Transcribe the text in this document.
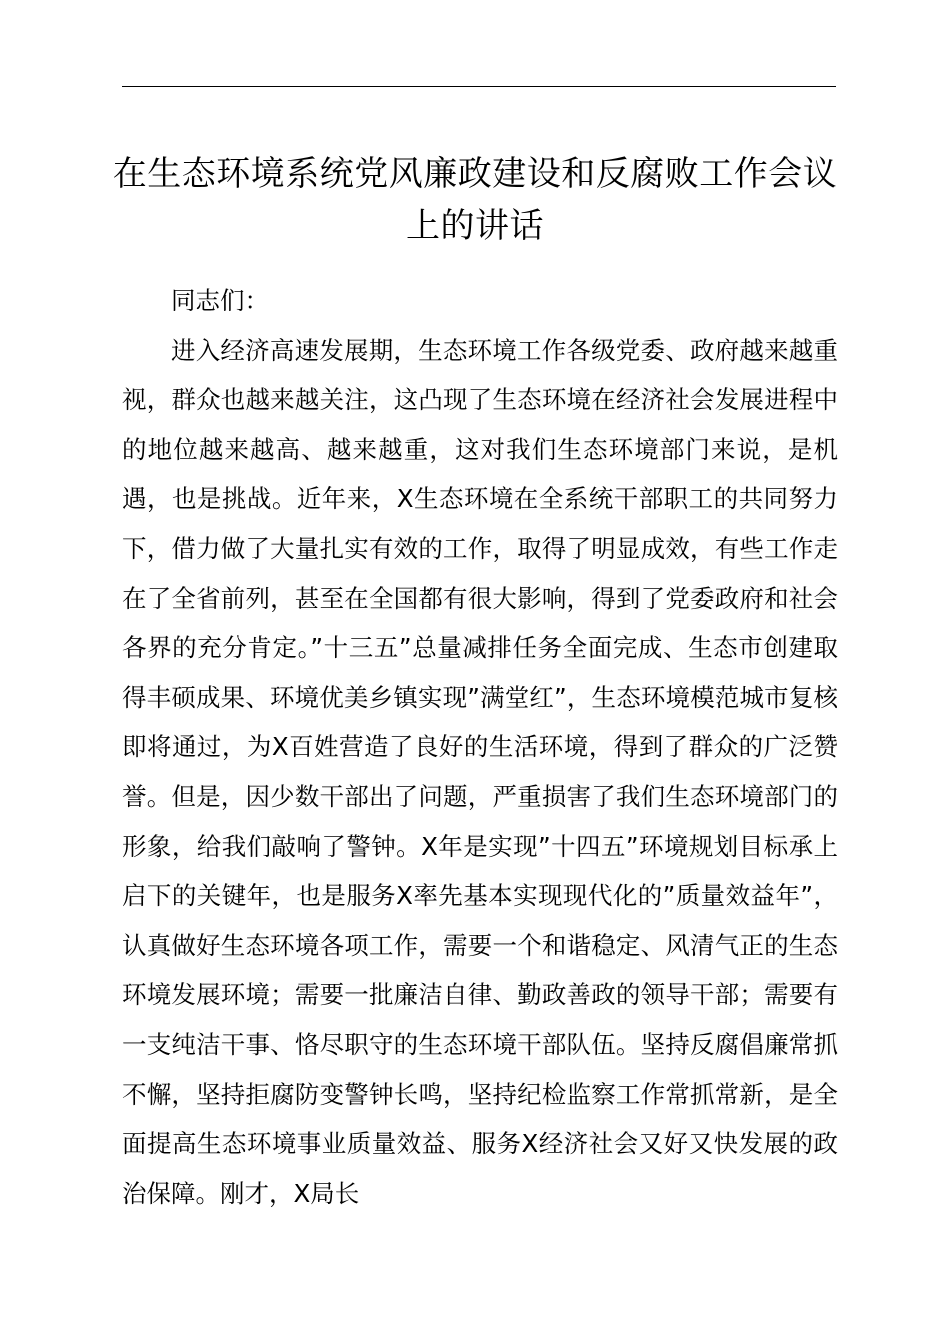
在生态环境系统党风廉政建设和反腐败工作会议上的讲话

同志们：

进入经济高速发展期，生态环境工作各级党委、政府越来越重视，群众也越来越关注，这凸现了生态环境在经济社会发展进程中的地位越来越高、越来越重，这对我们生态环境部门来说，是机遇，也是挑战。近年来，X生态环境在全系统干部职工的共同努力下，借力做了大量扎实有效的工作，取得了明显成效，有些工作走在了全省前列，甚至在全国都有很大影响，得到了党委政府和社会各界的充分肯定。”十三五”总量减排任务全面完成、生态市创建取得丰硕成果、环境优美乡镇实现”满堂红”，生态环境模范城市复核即将通过，为X百姓营造了良好的生活环境，得到了群众的广泛赞誉。但是，因少数干部出了问题，严重损害了我们生态环境部门的形象，给我们敲响了警钟。X年是实现”十四五”环境规划目标承上启下的关键年，也是服务X率先基本实现现代化的”质量效益年”，认真做好生态环境各项工作，需要一个和谐稳定、风清气正的生态环境发展环境；需要一批廉洁自律、勤政善政的领导干部；需要有一支纯洁干事、恪尽职守的生态环境干部队伍。坚持反腐倡廉常抓不懈，坚持拒腐防变警钟长鸣，坚持纪检监察工作常抓常新，是全面提高生态环境事业质量效益、服务X经济社会又好又快发展的政治保障。刚才，X局长
